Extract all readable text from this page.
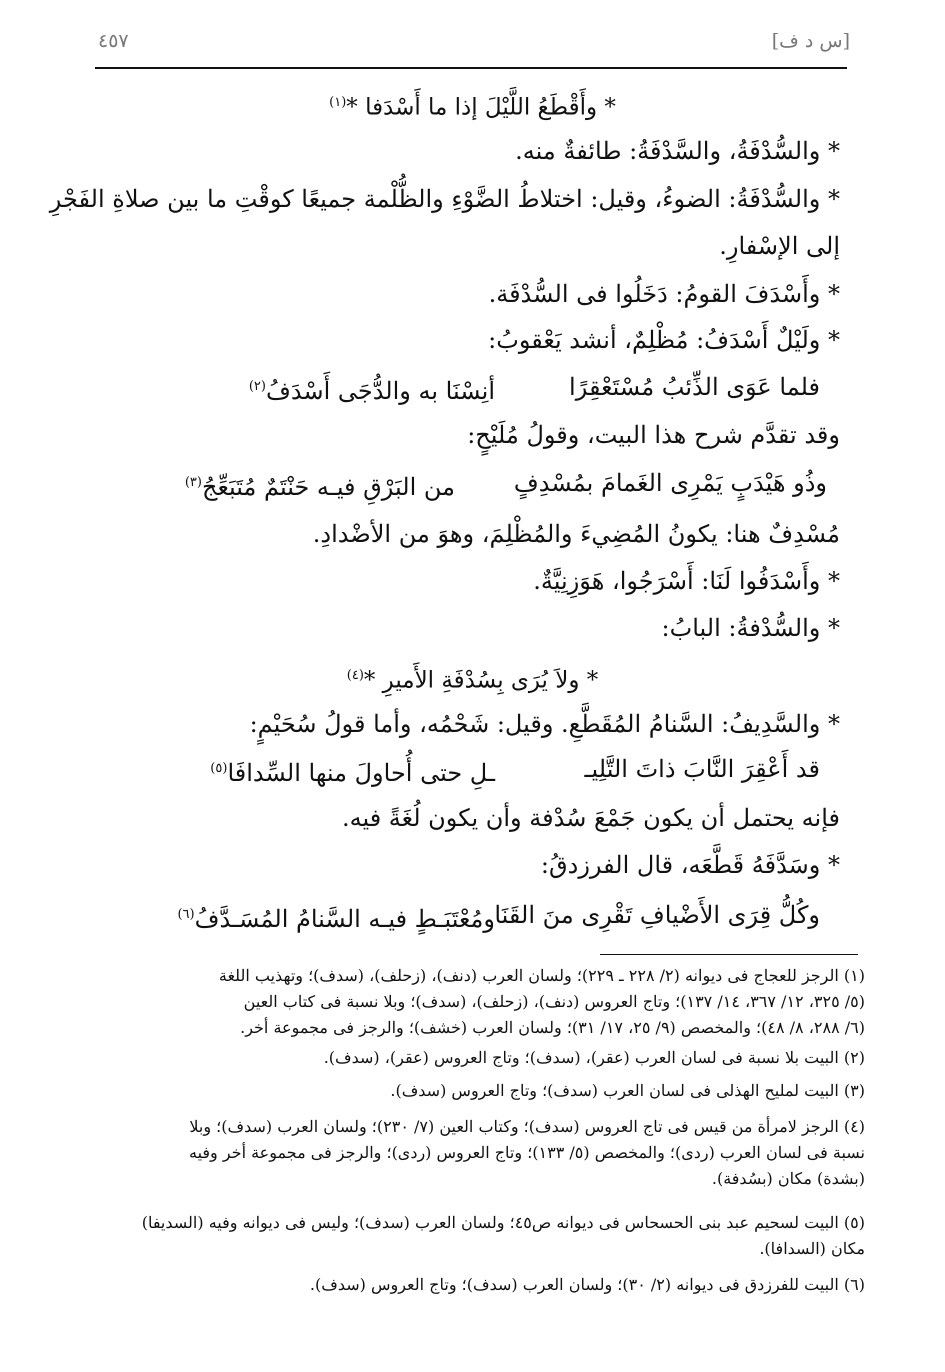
٤٥٧	[س د ف]
* وأَقْطَعُ اللَّيْلَ إذا ما أَسْدَفا *$^{(١)}$
* والسُّدْفَةُ، والسَّدْفَةُ: طائفةٌ منه.
* والسُّدْفَةُ: الضوءُ، وقيل: اختلاطُ الضَّوْءِ والظُّلْمة جميعًا كوقْتِ ما بين صلاةِ الفَجْرِ
إلى الإسْفارِ.
* وأَسْدَفَ القومُ: دَخَلُوا فى السُّدْفَة.
* ولَيْلٌ أَسْدَفُ: مُظْلِمٌ، أنشد يَعْقوبُ:
فلما عَوَى الذِّئبُ مُسْتَعْقِرًا
أنِسْنَا به والدُّجَى أَسْدَفُ$^{(٢)}$
وقد تقدَّم شرح هذا البيت، وقولُ مُلَيْحٍ:
وذُو هَيْدَبٍ يَمْرِى الغَمامَ بمُسْدِفٍ
من البَرْقِ فيـه حَنْتَمٌ مُتَبَعِّجُ$^{(٣)}$
مُسْدِفٌ هنا: يكونُ المُضِيءَ والمُظْلِمَ، وهوَ من الأضْدادِ.
* وأَسْدَفُوا لَنَا: أَسْرَجُوا، هَوَزِنِيَّةٌ.
* والسُّدْفةُ: البابُ:
* ولاَ يُرَى بِسُدْفَةِ الأَميرِ *$^{(٤)}$
* والسَّدِيفُ: السَّنامُ المُقَطَّعِ. وقيل: شَحْمُه، وأما قولُ سُحَيْمٍ:
قد أَعْقِرَ النَّابَ ذاتَ التَّلِيـ
ـلِ حتى أُحاولَ منها السِّدافَا$^{(٥)}$
فإنه يحتمل أن يكون جَمْعَ سُدْفة وأن يكون لُغَةً فيه.
* وسَدَّفَهُ قَطَّعَه، قال الفرزدقُ:
وكُلُّ قِرَى الأَضْيافِ تَقْرِى منَ القَنَا
ومُعْتَبَـطٍ فيـه السَّنامُ المُسَـدَّفُ$^{(٦)}$
(١) الرجز للعجاج فى ديوانه (٢/ ٢٢٨ ـ ٢٢٩)؛ ولسان العرب (دنف)، (زحلف)، (سدف)؛ وتهذيب اللغة
(٥/ ٣٢٥، ١٢/ ٣٦٧، ١٤/ ١٣٧)؛ وتاج العروس (دنف)، (زحلف)، (سدف)؛ وبلا نسبة فى كتاب العين
(٦/ ٢٨٨، ٨/ ٤٨)؛ والمخصص (٩/ ٢٥، ١٧/ ٣١)؛ ولسان العرب (خشف)؛ والرجز فى مجموعة أخر.
(٢) البيت بلا نسبة فى لسان العرب (عقر)، (سدف)؛ وتاج العروس (عقر)، (سدف).
(٣) البيت لمليح الهذلى فى لسان العرب (سدف)؛ وتاج العروس (سدف).
(٤) الرجز لامرأة من قيس فى تاج العروس (سدف)؛ وكتاب العين (٧/ ٢٣٠)؛ ولسان العرب (سدف)؛ وبلا
نسبة فى لسان العرب (ردى)؛ والمخصص (٥/ ١٣٣)؛ وتاج العروس (ردى)؛ والرجز فى مجموعة أخر وفيه
(بشدة) مكان (بسُدفة).
(٥) البيت لسحيم عبد بنى الحسحاس فى ديوانه ص٤٥؛ ولسان العرب (سدف)؛ وليس فى ديوانه وفيه (السديفا)
مكان (السدافا).
(٦) البيت للفرزدق فى ديوانه (٢/ ٣٠)؛ ولسان العرب (سدف)؛ وتاج العروس (سدف).
